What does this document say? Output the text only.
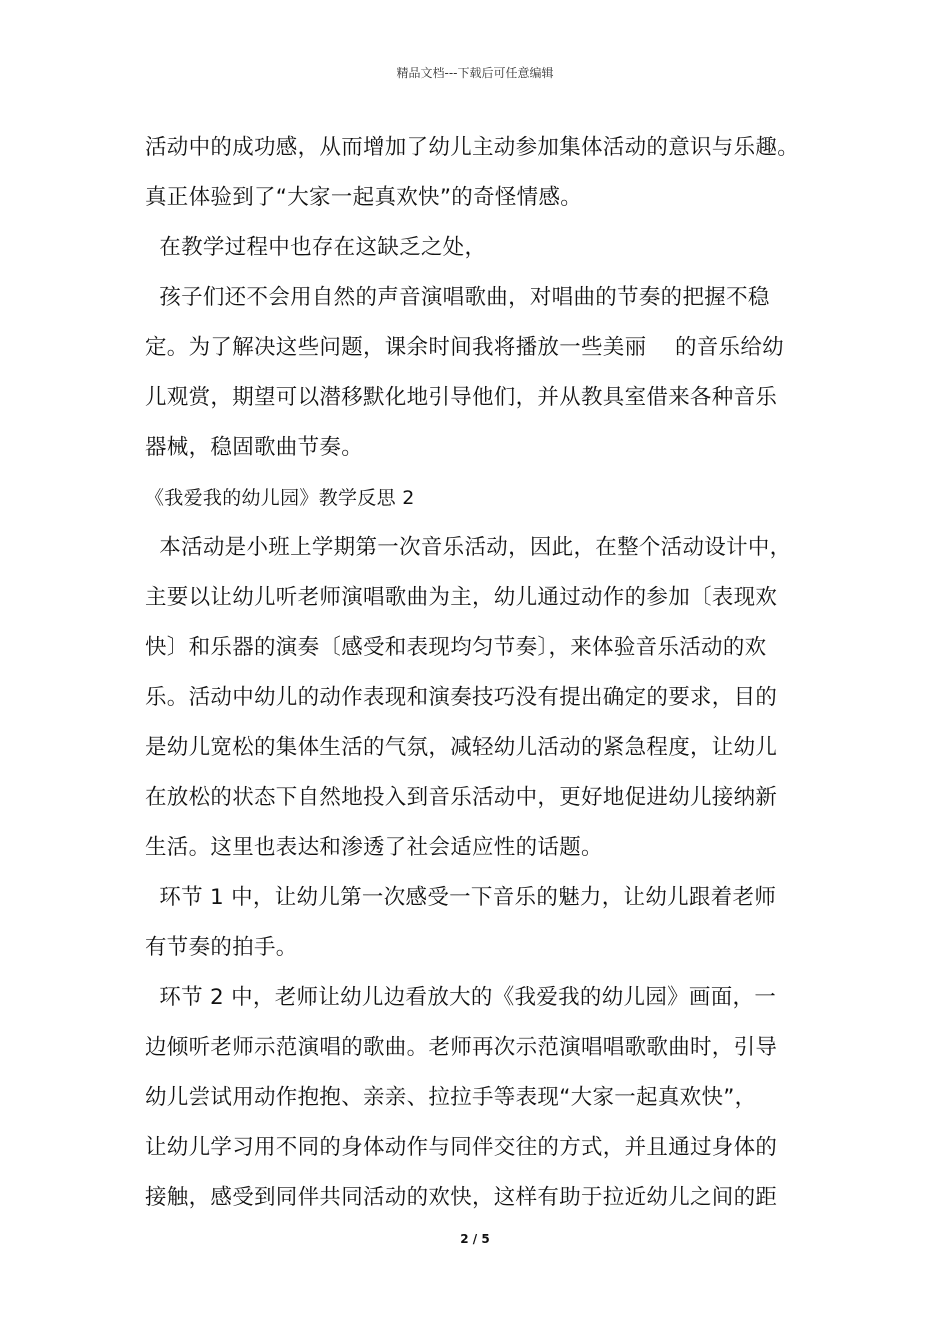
精品文档---下载后可任意编辑
活动中的成功感，从而增加了幼儿主动参加集体活动的意识与乐趣。
真正体验到了“大家一起真欢快”的奇怪情感。
在教学过程中也存在这缺乏之处，
孩子们还不会用自然的声音演唱歌曲，对唱曲的节奏的把握不稳
定。为了解决这些问题，课余时间我将播放一些美丽    的音乐给幼
儿观赏，期望可以潜移默化地引导他们，并从教具室借来各种音乐
器械，稳固歌曲节奏。
《我爱我的幼儿园》教学反思 2
本活动是小班上学期第一次音乐活动，因此，在整个活动设计中，
主要以让幼儿听老师演唱歌曲为主，幼儿通过动作的参加〔表现欢
快〕和乐器的演奏〔感受和表现均匀节奏〕，来体验音乐活动的欢
乐。活动中幼儿的动作表现和演奏技巧没有提出确定的要求，目的
是幼儿宽松的集体生活的气氛，减轻幼儿活动的紧急程度，让幼儿
在放松的状态下自然地投入到音乐活动中，更好地促进幼儿接纳新
生活。这里也表达和渗透了社会适应性的话题。
环节 1 中，让幼儿第一次感受一下音乐的魅力，让幼儿跟着老师
有节奏的拍手。
环节 2 中，老师让幼儿边看放大的《我爱我的幼儿园》画面，一
边倾听老师示范演唱的歌曲。老师再次示范演唱唱歌歌曲时，引导
幼儿尝试用动作抱抱、亲亲、拉拉手等表现“大家一起真欢快”，
让幼儿学习用不同的身体动作与同伴交往的方式，并且通过身体的
接触，感受到同伴共同活动的欢快，这样有助于拉近幼儿之间的距
2 / 5
